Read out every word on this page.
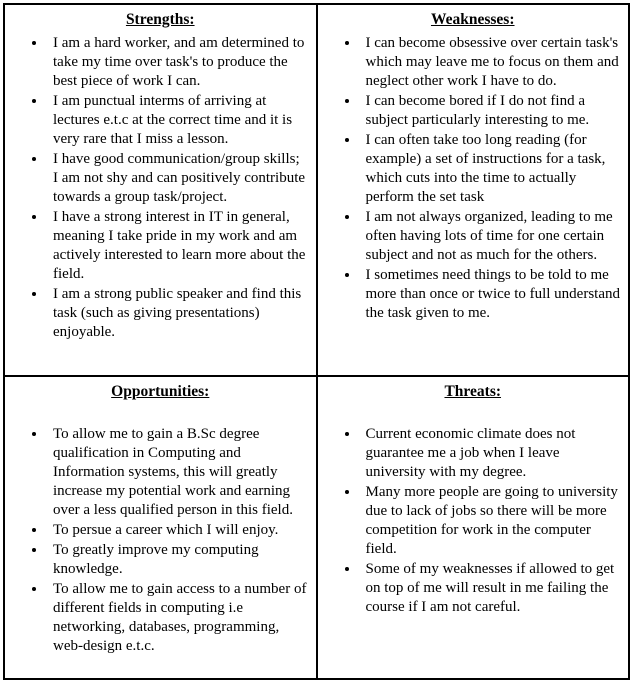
Strengths:
• I am a hard worker, and am determined to take my time over task's to produce the best piece of work I can.
• I am punctual interms of arriving at lectures e.t.c at the correct time and it is very rare that I miss a lesson.
• I have good communication/group skills; I am not shy and can positively contribute towards a group task/project.
• I have a strong interest in IT in general, meaning I take pride in my work and am actively interested to learn more about the field.
• I am a strong public speaker and find this task (such as giving presentations) enjoyable.

Weaknesses:
• I can become obsessive over certain task's which may leave me to focus on them and neglect other work I have to do.
• I can become bored if I do not find a subject particularly interesting to me.
• I can often take too long reading (for example) a set of instructions for a task, which cuts into the time to actually perform the set task
• I am not always organized, leading to me often having lots of time for one certain subject and not as much for the others.
• I sometimes need things to be told to me more than once or twice to full understand the task given to me.

Opportunities:
• To allow me to gain a B.Sc degree qualification in Computing and Information systems, this will greatly increase my potential work and earning over a less qualified person in this field.
• To persue a career which I will enjoy.
• To greatly improve my computing knowledge.
• To allow me to gain access to a number of different fields in computing i.e networking, databases, programming, web-design e.t.c.

Threats:
• Current economic climate does not guarantee me a job when I leave university with my degree.
• Many more people are going to university due to lack of jobs so there will be more competition for work in the computer field.
• Some of my weaknesses if allowed to get on top of me will result in me failing the course if I am not careful.
